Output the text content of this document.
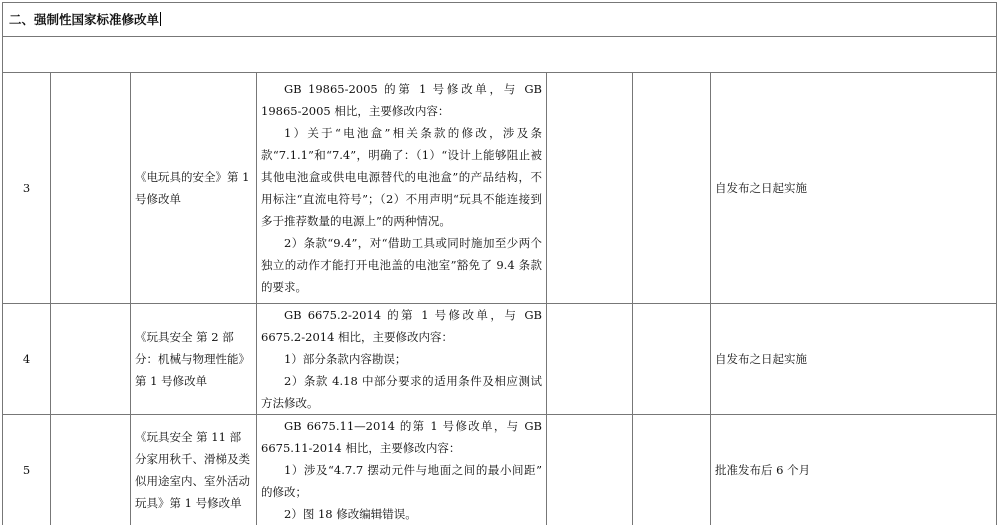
二、强制性国家标准修改单						

3		《电玩具的安全》第 1 号修改单	GB 19865-2005 的第 1 号修改单，与 GB 19865-2005 相比，主要修改内容：

1）关于“电池盒”相关条款的修改，涉及条款“7.1.1”和“7.4”，明确了：（1）“设计上能够阻止被其他电池盒或供电电源替代的电池盒”的产品结构，不用标注“直流电符号”；（2）不用声明“玩具不能连接到多于推荐数量的电源上”的两种情况。

2）条款“9.4”，对“借助工具或同时施加至少两个独立的动作才能打开电池盖的电池室”豁免了 9.4 条款的要求。			自发布之日起实施
4		《玩具安全 第 2 部分：机械与物理性能》第 1 号修改单	GB 6675.2-2014 的第 1 号修改单，与 GB 6675.2-2014 相比，主要修改内容：

1）部分条款内容勘误；

2）条款 4.18 中部分要求的适用条件及相应测试方法修改。			自发布之日起实施
5		《玩具安全 第 11 部分家用秋千、滑梯及类似用途室内、室外活动玩具》第 1 号修改单	GB 6675.11—2014 的第 1 号修改单，与 GB 6675.11-2014 相比，主要修改内容：

1）涉及“4.7.7 摆动元件与地面之间的最小间距” 的修改；

2）图 18 修改编辑错误。			批准发布后 6 个月
